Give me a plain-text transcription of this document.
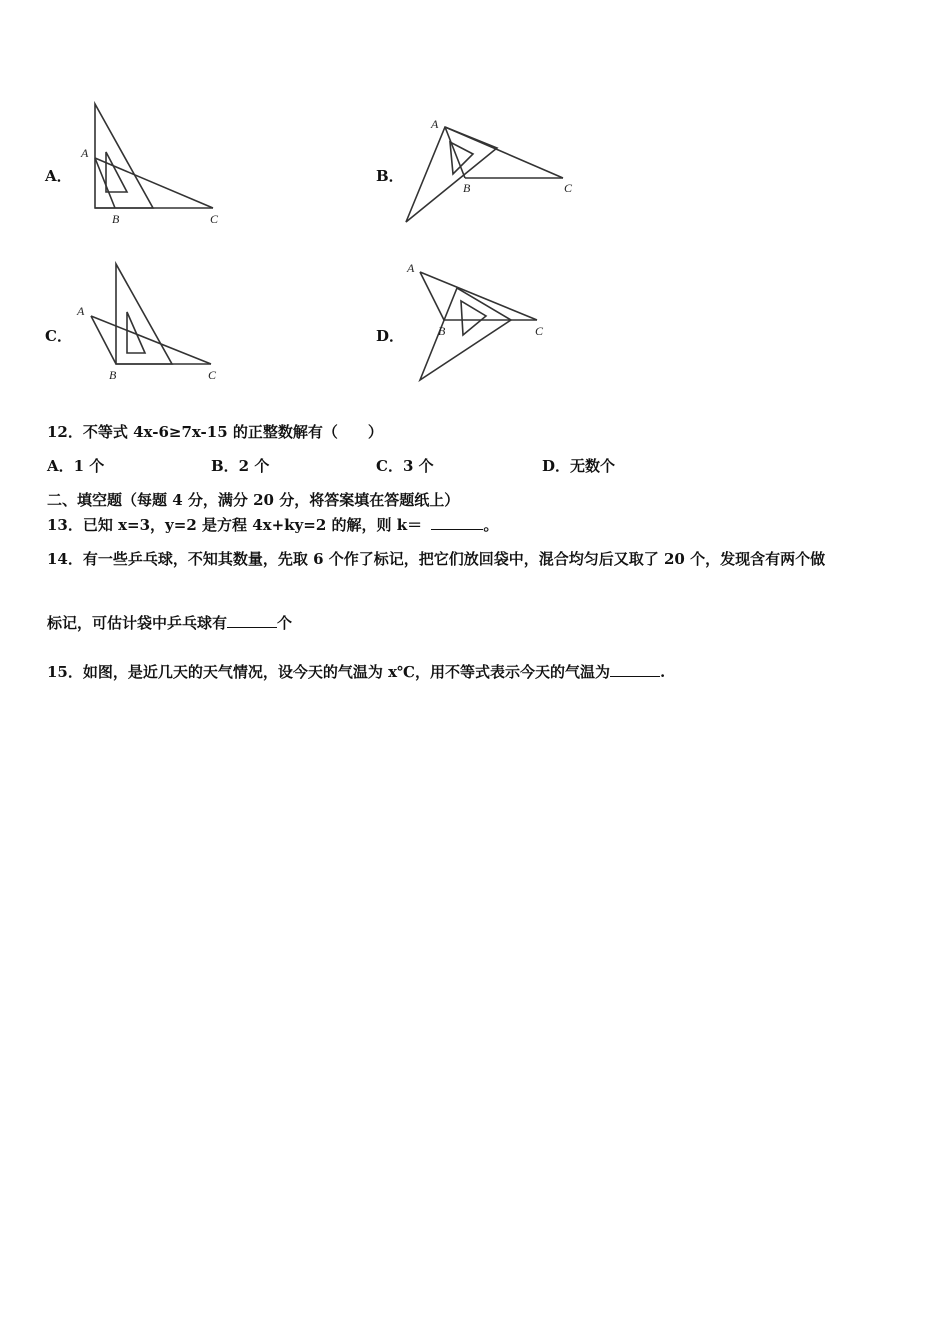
A．
A
B	C
B．
A
B	C
C．
A
B	C
D．
A
B	C
12．不等式 4x-6≥7x-15 的正整数解有（　　）
A．1 个	B．2 个	C．3 个	D．无数个
二、填空题（每题 4 分，满分 20 分，将答案填在答题纸上）
13．已知 x=3，y=2 是方程 4x+ky=2 的解，则 k＝	。
14．有一些乒乓球，不知其数量，先取 6 个作了标记，把它们放回袋中，混合均匀后又取了 20 个，发现含有两个做
标记，可估计袋中乒乓球有	个
15．如图，是近几天的天气情况，设今天的气温为 x℃，用不等式表示今天的气温为	.
